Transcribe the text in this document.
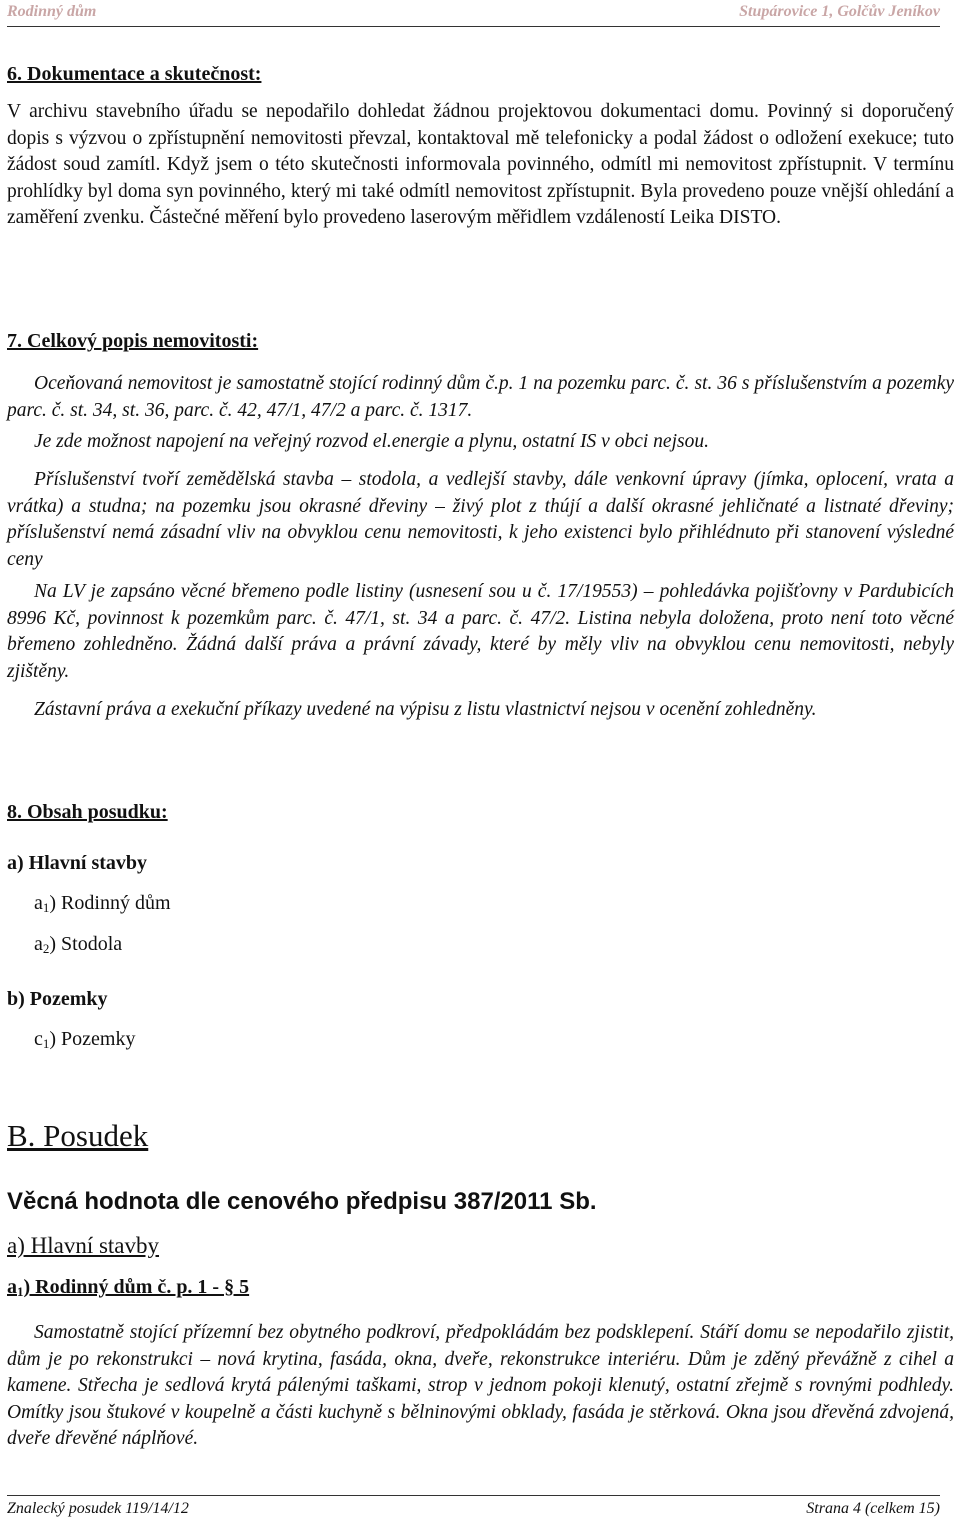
Rodinný dům	Stupárovice 1, Golčův Jeníkov

6. Dokumentace a skutečnost:

V archivu stavebního úřadu se nepodařilo dohledat žádnou projektovou dokumentaci domu. Povinný si doporučený dopis s výzvou o zpřístupnění nemovitosti převzal, kontaktoval mě telefonicky a podal žádost o odložení exekuce; tuto žádost soud zamítl. Když jsem o této skutečnosti informovala povinného, odmítl mi nemovitost zpřístupnit. V termínu prohlídky byl doma syn povinného, který mi také odmítl nemovitost zpřístupnit. Byla provedeno pouze vnější ohledání a zaměření zvenku. Částečné měření bylo provedeno laserovým měřidlem vzdáleností Leika DISTO.

7. Celkový popis nemovitosti:

Oceňovaná nemovitost je samostatně stojící rodinný dům č.p. 1 na pozemku parc. č. st. 36 s příslušenstvím a pozemky parc. č. st. 34, st. 36, parc. č. 42, 47/1, 47/2 a parc. č. 1317.

Je zde možnost napojení na veřejný rozvod el.energie a plynu, ostatní IS v obci nejsou.

Příslušenství tvoří zemědělská stavba – stodola, a vedlejší stavby, dále venkovní úpravy (jímka, oplocení, vrata a vrátka) a studna; na pozemku jsou okrasné dřeviny – živý plot z thújí a další okrasné jehličnaté a listnaté dřeviny; příslušenství nemá zásadní vliv na obvyklou cenu nemovitosti, k jeho existenci bylo přihlédnuto při stanovení výsledné ceny

Na LV je zapsáno věcné břemeno podle listiny (usnesení sou u č. 17/19553) – pohledávka pojišťovny v Pardubicích 8996 Kč, povinnost k pozemkům parc. č. 47/1, st. 34 a parc. č. 47/2. Listina nebyla doložena, proto není toto věcné břemeno zohledněno. Žádná další práva a právní závady, které by měly vliv na obvyklou cenu nemovitosti, nebyly zjištěny.

Zástavní práva a exekuční příkazy uvedené na výpisu z listu vlastnictví nejsou v ocenění zohledněny.

8. Obsah posudku:

a) Hlavní stavby

$a_1$) Rodinný dům

$a_2$) Stodola

b) Pozemky

$c_1$) Pozemky

B. Posudek

Věcná hodnota dle cenového předpisu 387/2011 Sb.

a) Hlavní stavby

$a_1$) Rodinný dům č. p. 1 - § 5

Samostatně stojící přízemní bez obytného podkroví, předpokládám bez podsklepení. Stáří domu se nepodařilo zjistit, dům je po rekonstrukci – nová krytina, fasáda, okna, dveře, rekonstrukce interiéru. Dům je zděný převážně z cihel a kamene. Střecha je sedlová krytá pálenými taškami, strop v jednom pokoji klenutý, ostatní zřejmě s rovnými podhledy. Omítky jsou štukové v koupelně a části kuchyně s bělninovými obklady, fasáda je stěrková. Okna jsou dřevěná zdvojená, dveře dřevěné náplňové.

Znalecký posudek 119/14/12	Strana 4 (celkem 15)
